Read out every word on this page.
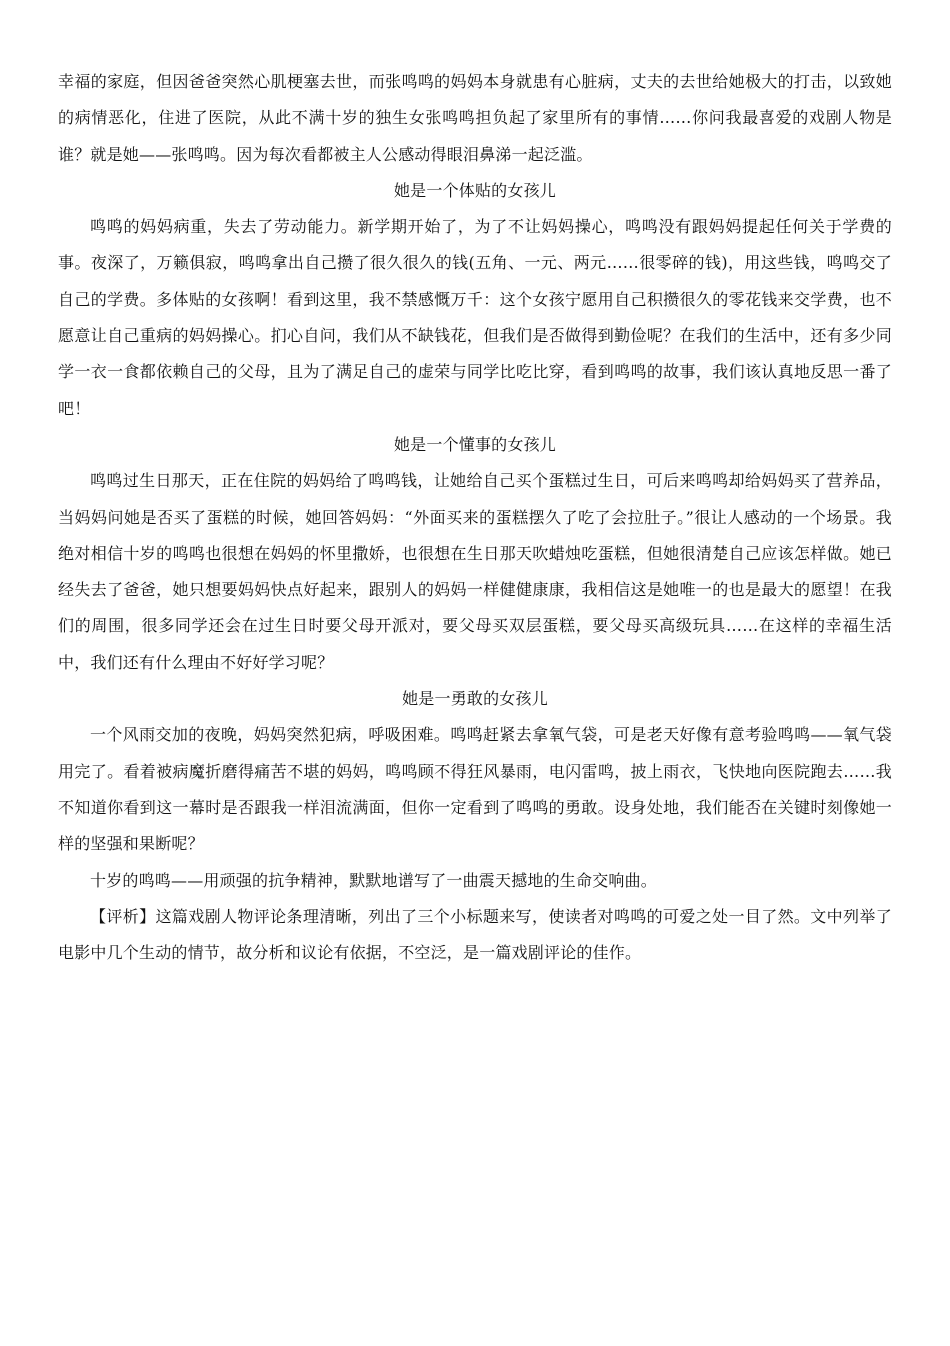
幸福的家庭，但因爸爸突然心肌梗塞去世，而张鸣鸣的妈妈本身就患有心脏病，丈夫的去世给她极大的打击，以致她的病情恶化，住进了医院，从此不满十岁的独生女张鸣鸣担负起了家里所有的事情……你问我最喜爱的戏剧人物是谁？就是她——张鸣鸣。因为每次看都被主人公感动得眼泪鼻涕一起泛滥。

她是一个体贴的女孩儿

鸣鸣的妈妈病重，失去了劳动能力。新学期开始了，为了不让妈妈操心，鸣鸣没有跟妈妈提起任何关于学费的事。夜深了，万籁俱寂，鸣鸣拿出自己攒了很久很久的钱(五角、一元、两元……很零碎的钱)，用这些钱，鸣鸣交了自己的学费。多体贴的女孩啊！看到这里，我不禁感慨万千：这个女孩宁愿用自己积攒很久的零花钱来交学费，也不愿意让自己重病的妈妈操心。扪心自问，我们从不缺钱花，但我们是否做得到勤俭呢？在我们的生活中，还有多少同学一衣一食都依赖自己的父母，且为了满足自己的虚荣与同学比吃比穿，看到鸣鸣的故事，我们该认真地反思一番了吧！

她是一个懂事的女孩儿

鸣鸣过生日那天，正在住院的妈妈给了鸣鸣钱，让她给自己买个蛋糕过生日，可后来鸣鸣却给妈妈买了营养品，当妈妈问她是否买了蛋糕的时候，她回答妈妈：“外面买来的蛋糕摆久了吃了会拉肚子。”很让人感动的一个场景。我绝对相信十岁的鸣鸣也很想在妈妈的怀里撒娇，也很想在生日那天吹蜡烛吃蛋糕，但她很清楚自己应该怎样做。她已经失去了爸爸，她只想要妈妈快点好起来，跟别人的妈妈一样健健康康，我相信这是她唯一的也是最大的愿望！在我们的周围，很多同学还会在过生日时要父母开派对，要父母买双层蛋糕，要父母买高级玩具……在这样的幸福生活中，我们还有什么理由不好好学习呢？

她是一勇敢的女孩儿

一个风雨交加的夜晚，妈妈突然犯病，呼吸困难。鸣鸣赶紧去拿氧气袋，可是老天好像有意考验鸣鸣——氧气袋用完了。看着被病魔折磨得痛苦不堪的妈妈，鸣鸣顾不得狂风暴雨，电闪雷鸣，披上雨衣，飞快地向医院跑去……我不知道你看到这一幕时是否跟我一样泪流满面，但你一定看到了鸣鸣的勇敢。设身处地，我们能否在关键时刻像她一样的坚强和果断呢？

十岁的鸣鸣——用顽强的抗争精神，默默地谱写了一曲震天撼地的生命交响曲。

【评析】这篇戏剧人物评论条理清晰，列出了三个小标题来写，使读者对鸣鸣的可爱之处一目了然。文中列举了电影中几个生动的情节，故分析和议论有依据，不空泛，是一篇戏剧评论的佳作。
